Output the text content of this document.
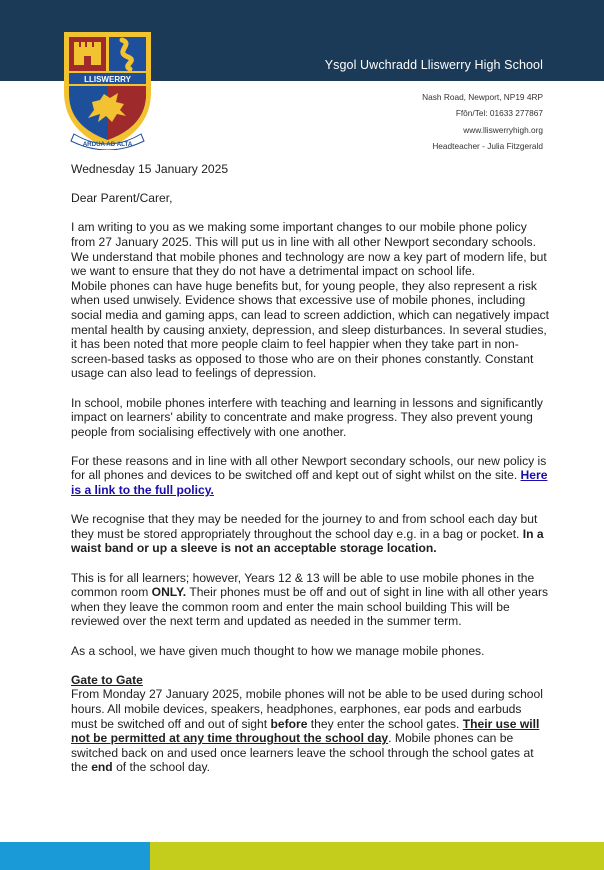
Ysgol Uwchradd Lliswerry High School
LLISWERRY
ARDUA AD ALTA
Nash Road, Newport, NP19 4RP
Ffôn/Tel: 01633 277867
www.lliswerryhigh.org
Headteacher - Julia Fitzgerald

Wednesday 15 January 2025

Dear Parent/Carer,

I am writing to you as we making some important changes to our mobile phone policy from 27 January 2025. This will put us in line with all other Newport secondary schools. We understand that mobile phones and technology are now a key part of modern life, but we want to ensure that they do not have a detrimental impact on school life.

Mobile phones can have huge benefits but, for young people, they also represent a risk when used unwisely. Evidence shows that excessive use of mobile phones, including social media and gaming apps, can lead to screen addiction, which can negatively impact mental health by causing anxiety, depression, and sleep disturbances. In several studies, it has been noted that more people claim to feel happier when they take part in non-screen-based tasks as opposed to those who are on their phones constantly. Constant usage can also lead to feelings of depression.

In school, mobile phones interfere with teaching and learning in lessons and significantly impact on learners' ability to concentrate and make progress. They also prevent young people from socialising effectively with one another.

For these reasons and in line with all other Newport secondary schools, our new policy is for all phones and devices to be switched off and kept out of sight whilst on the site. Here is a link to the full policy.

We recognise that they may be needed for the journey to and from school each day but they must be stored appropriately throughout the school day e.g. in a bag or pocket. In a waist band or up a sleeve is not an acceptable storage location.

This is for all learners; however, Years 12 & 13 will be able to use mobile phones in the common room ONLY. Their phones must be off and out of sight in line with all other years when they leave the common room and enter the main school building This will be reviewed over the next term and updated as needed in the summer term.

As a school, we have given much thought to how we manage mobile phones.

Gate to Gate

From Monday 27 January 2025, mobile phones will not be able to be used during school hours. All mobile devices, speakers, headphones, earphones, ear pods and earbuds must be switched off and out of sight before they enter the school gates. Their use will not be permitted at any time throughout the school day. Mobile phones can be switched back on and used once learners leave the school through the school gates at the end of the school day.
